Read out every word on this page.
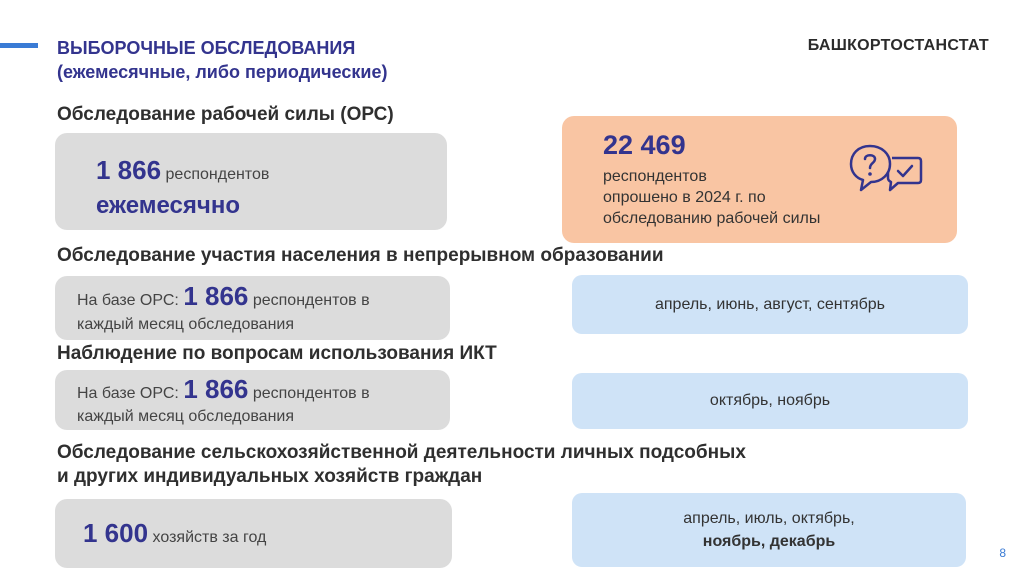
ВЫБОРОЧНЫЕ ОБСЛЕДОВАНИЯ
(ежемесячные, либо периодические)
БАШКОРТОСТАНСТАТ
Обследование рабочей силы (ОРС)
1 866 респондентов
ежемесячно
22 469
респондентов
опрошено в 2024 г. по
обследованию рабочей силы
Обследование участия населения в непрерывном образовании
На базе ОРС: 1 866 респондентов в
каждый месяц обследования
апрель, июнь, август, сентябрь
Наблюдение по вопросам использования ИКТ
На базе ОРС: 1 866 респондентов в
каждый месяц обследования
октябрь, ноябрь
Обследование сельскохозяйственной деятельности личных подсобных
и других индивидуальных хозяйств граждан
1 600 хозяйств за год
апрель, июль, октябрь,
ноябрь, декабрь
8
